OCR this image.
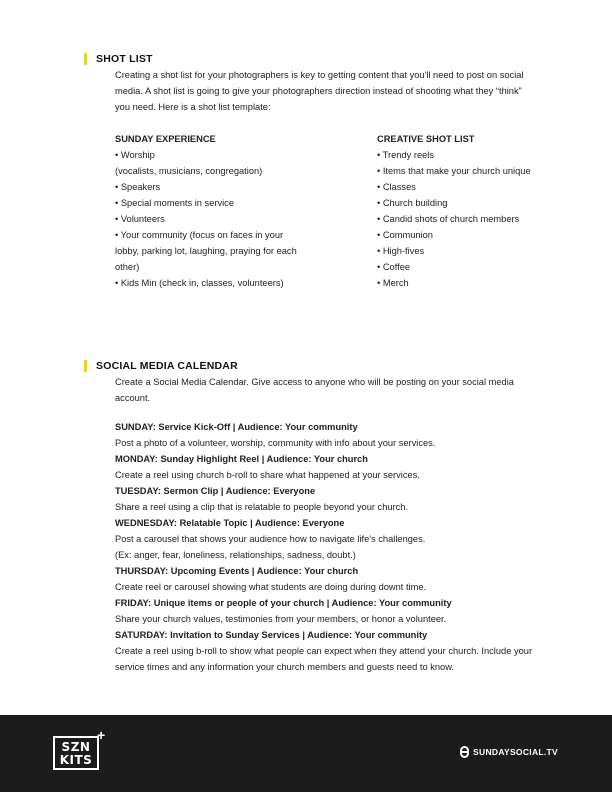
SHOT LIST

Creating a shot list for your photographers is key to getting content that you'll need to post on social media. A shot list is going to give your photographers direction instead of shooting what they “think” you need. Here is a shot list template:

SUNDAY EXPERIENCE
• Worship
(vocalists, musicians, congregation)
• Speakers
• Special moments in service
• Volunteers
• Your community (focus on faces in your
lobby, parking lot, laughing, praying for each
other)
• Kids Min (check in, classes, volunteers)
CREATIVE SHOT LIST
• Trendy reels
• Items that make your church unique
• Classes
• Church building
• Candid shots of church members
• Communion
• High-fives
• Coffee
• Merch
SOCIAL MEDIA CALENDAR

Create a Social Media Calendar. Give access to anyone who will be posting on your social media account.

SUNDAY: Service Kick-Off | Audience: Your community
Post a photo of a volunteer, worship, community with info about your services.
MONDAY: Sunday Highlight Reel | Audience: Your church
Create a reel using church b-roll to share what happened at your services.
TUESDAY: Sermon Clip | Audience: Everyone
Share a reel using a clip that is relatable to people beyond your church.
WEDNESDAY: Relatable Topic | Audience: Everyone
Post a carousel that shows your audience how to navigate life's challenges.
(Ex: anger, fear, loneliness, relationships, sadness, doubt.)
THURSDAY: Upcoming Events | Audience: Your church
Create reel or carousel showing what students are doing during downt time.
FRIDAY: Unique items or people of your church | Audience: Your community
Share your church values, testimonies from your members, or honor a volunteer.
SATURDAY: Invitation to Sunday Services | Audience: Your community
Create a reel using b-roll to show what people can expect when they attend your church. Include your service times and any information your church members and guests need to know.
SZN
KITS
+
SUNDAYSOCIAL.TV
